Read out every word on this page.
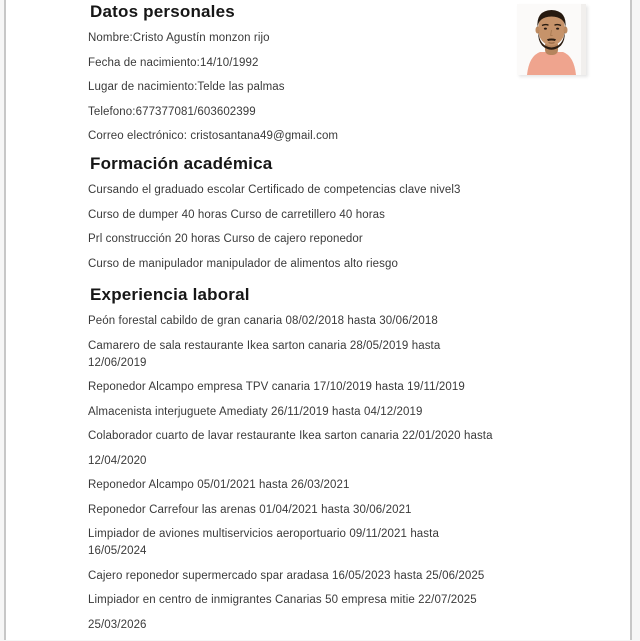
Datos personales

Nombre:Cristo Agustín monzon rijo

Fecha de nacimiento:14/10/1992

Lugar de nacimiento:Telde las palmas

Telefono:677377081/603602399

Correo electrónico: cristosantana49@gmail.com

Formación académica

Cursando el graduado escolar Certificado de competencias clave nivel3

Curso de dumper 40 horas Curso de carretillero 40 horas

Prl construcción 20 horas Curso de cajero reponedor

Curso de manipulador manipulador de alimentos alto riesgo

Experiencia laboral

Peón forestal cabildo de gran canaria 08/02/2018 hasta 30/06/2018

Camarero de sala restaurante Ikea sarton canaria 28/05/2019 hasta

12/06/2019

Reponedor Alcampo empresa TPV canaria 17/10/2019 hasta 19/11/2019

Almacenista interjuguete Amediaty 26/11/2019 hasta 04/12/2019

Colaborador cuarto de lavar restaurante Ikea sarton canaria 22/01/2020 hasta

12/04/2020

Reponedor Alcampo 05/01/2021 hasta 26/03/2021

Reponedor Carrefour las arenas 01/04/2021 hasta 30/06/2021

Limpiador de aviones multiservicios aeroportuario 09/11/2021 hasta

16/05/2024

Cajero reponedor supermercado spar aradasa 16/05/2023 hasta 25/06/2025

Limpiador en centro de inmigrantes Canarias 50 empresa mitie 22/07/2025

25/03/2026
